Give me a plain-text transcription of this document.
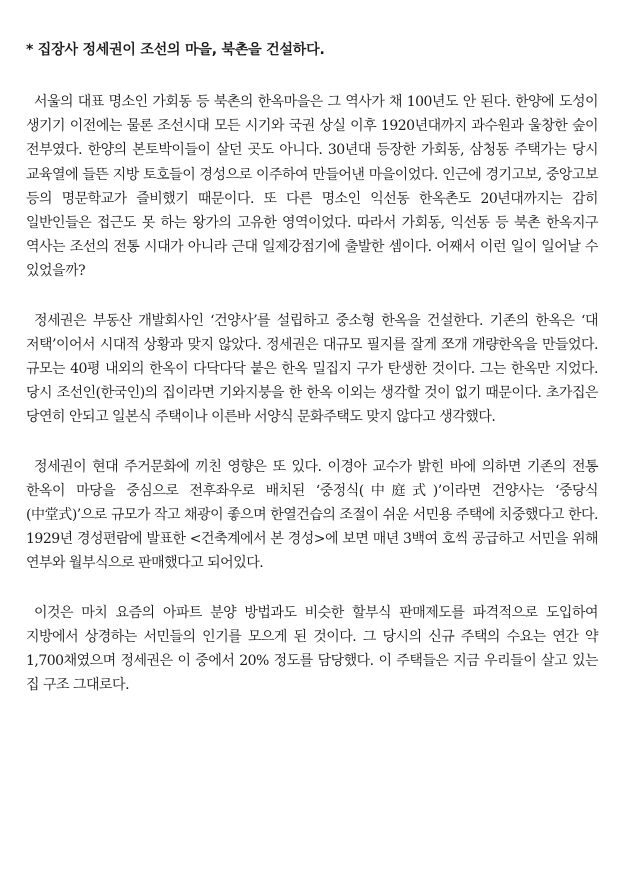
* 집장사 정세권이 조선의 마을, 북촌을 건설하다.

서울의 대표 명소인 가회동 등 북촌의 한옥마을은 그 역사가 채 100년도 안 된다. 한양에 도성이 생기기 이전에는 물론 조선시대 모든 시기와 국권 상실 이후 1920년대까지 과수원과 울창한 숲이 전부였다. 한양의 본토박이들이 살던 곳도 아니다. 30년대 등장한 가회동, 삼청동 주택가는 당시 교육열에 들뜬 지방 토호들이 경성으로 이주하여 만들어낸 마을이었다. 인근에 경기고보, 중앙고보 등의 명문학교가 즐비했기 때문이다. 또 다른 명소인 익선동 한옥촌도 20년대까지는 감히 일반인들은 접근도 못 하는 왕가의 고유한 영역이었다. 따라서 가회동, 익선동 등 북촌 한옥지구 역사는 조선의 전통 시대가 아니라 근대 일제강점기에 출발한 셈이다. 어째서 이런 일이 일어날 수 있었을까?

정세권은 부동산 개발회사인 ‘건양사’를 설립하고 중소형 한옥을 건설한다. 기존의 한옥은 ‘대 저택’이어서 시대적 상황과 맞지 않았다. 정세권은 대규모 필지를 잘게 쪼개 개량한옥을 만들었다. 규모는 40평 내외의 한옥이 다닥다닥 붙은 한옥 밀집지 구가 탄생한 것이다. 그는 한옥만 지었다. 당시 조선인(한국인)의 집이라면 기와지붕을 한 한옥 이외는 생각할 것이 없기 때문이다. 초가집은 당연히 안되고 일본식 주택이나 이른바 서양식 문화주택도 맞지 않다고 생각했다.

정세권이 현대 주거문화에 끼친 영향은 또 있다. 이경아 교수가 밝힌 바에 의하면 기존의 전통 한옥이 마당을 중심으로 전후좌우로 배치된 ‘중정식(中庭式)’이라면 건양사는 ‘중당식(中堂式)’으로 규모가 작고 채광이 좋으며 한열건습의 조절이 쉬운 서민용 주택에 치중했다고 한다. 1929년 경성편람에 발표한 <건축계에서 본 경성>에 보면 매년 3백여 호씩 공급하고 서민을 위해 연부와 월부식으로 판매했다고 되어있다.

이것은 마치 요즘의 아파트 분양 방법과도 비슷한 할부식 판매제도를 파격적으로 도입하여 지방에서 상경하는 서민들의 인기를 모으게 된 것이다. 그 당시의 신규 주택의 수요는 연간 약 1,700채였으며 정세권은 이 중에서 20% 정도를 담당했다. 이 주택들은 지금 우리들이 살고 있는 집 구조 그대로다.
